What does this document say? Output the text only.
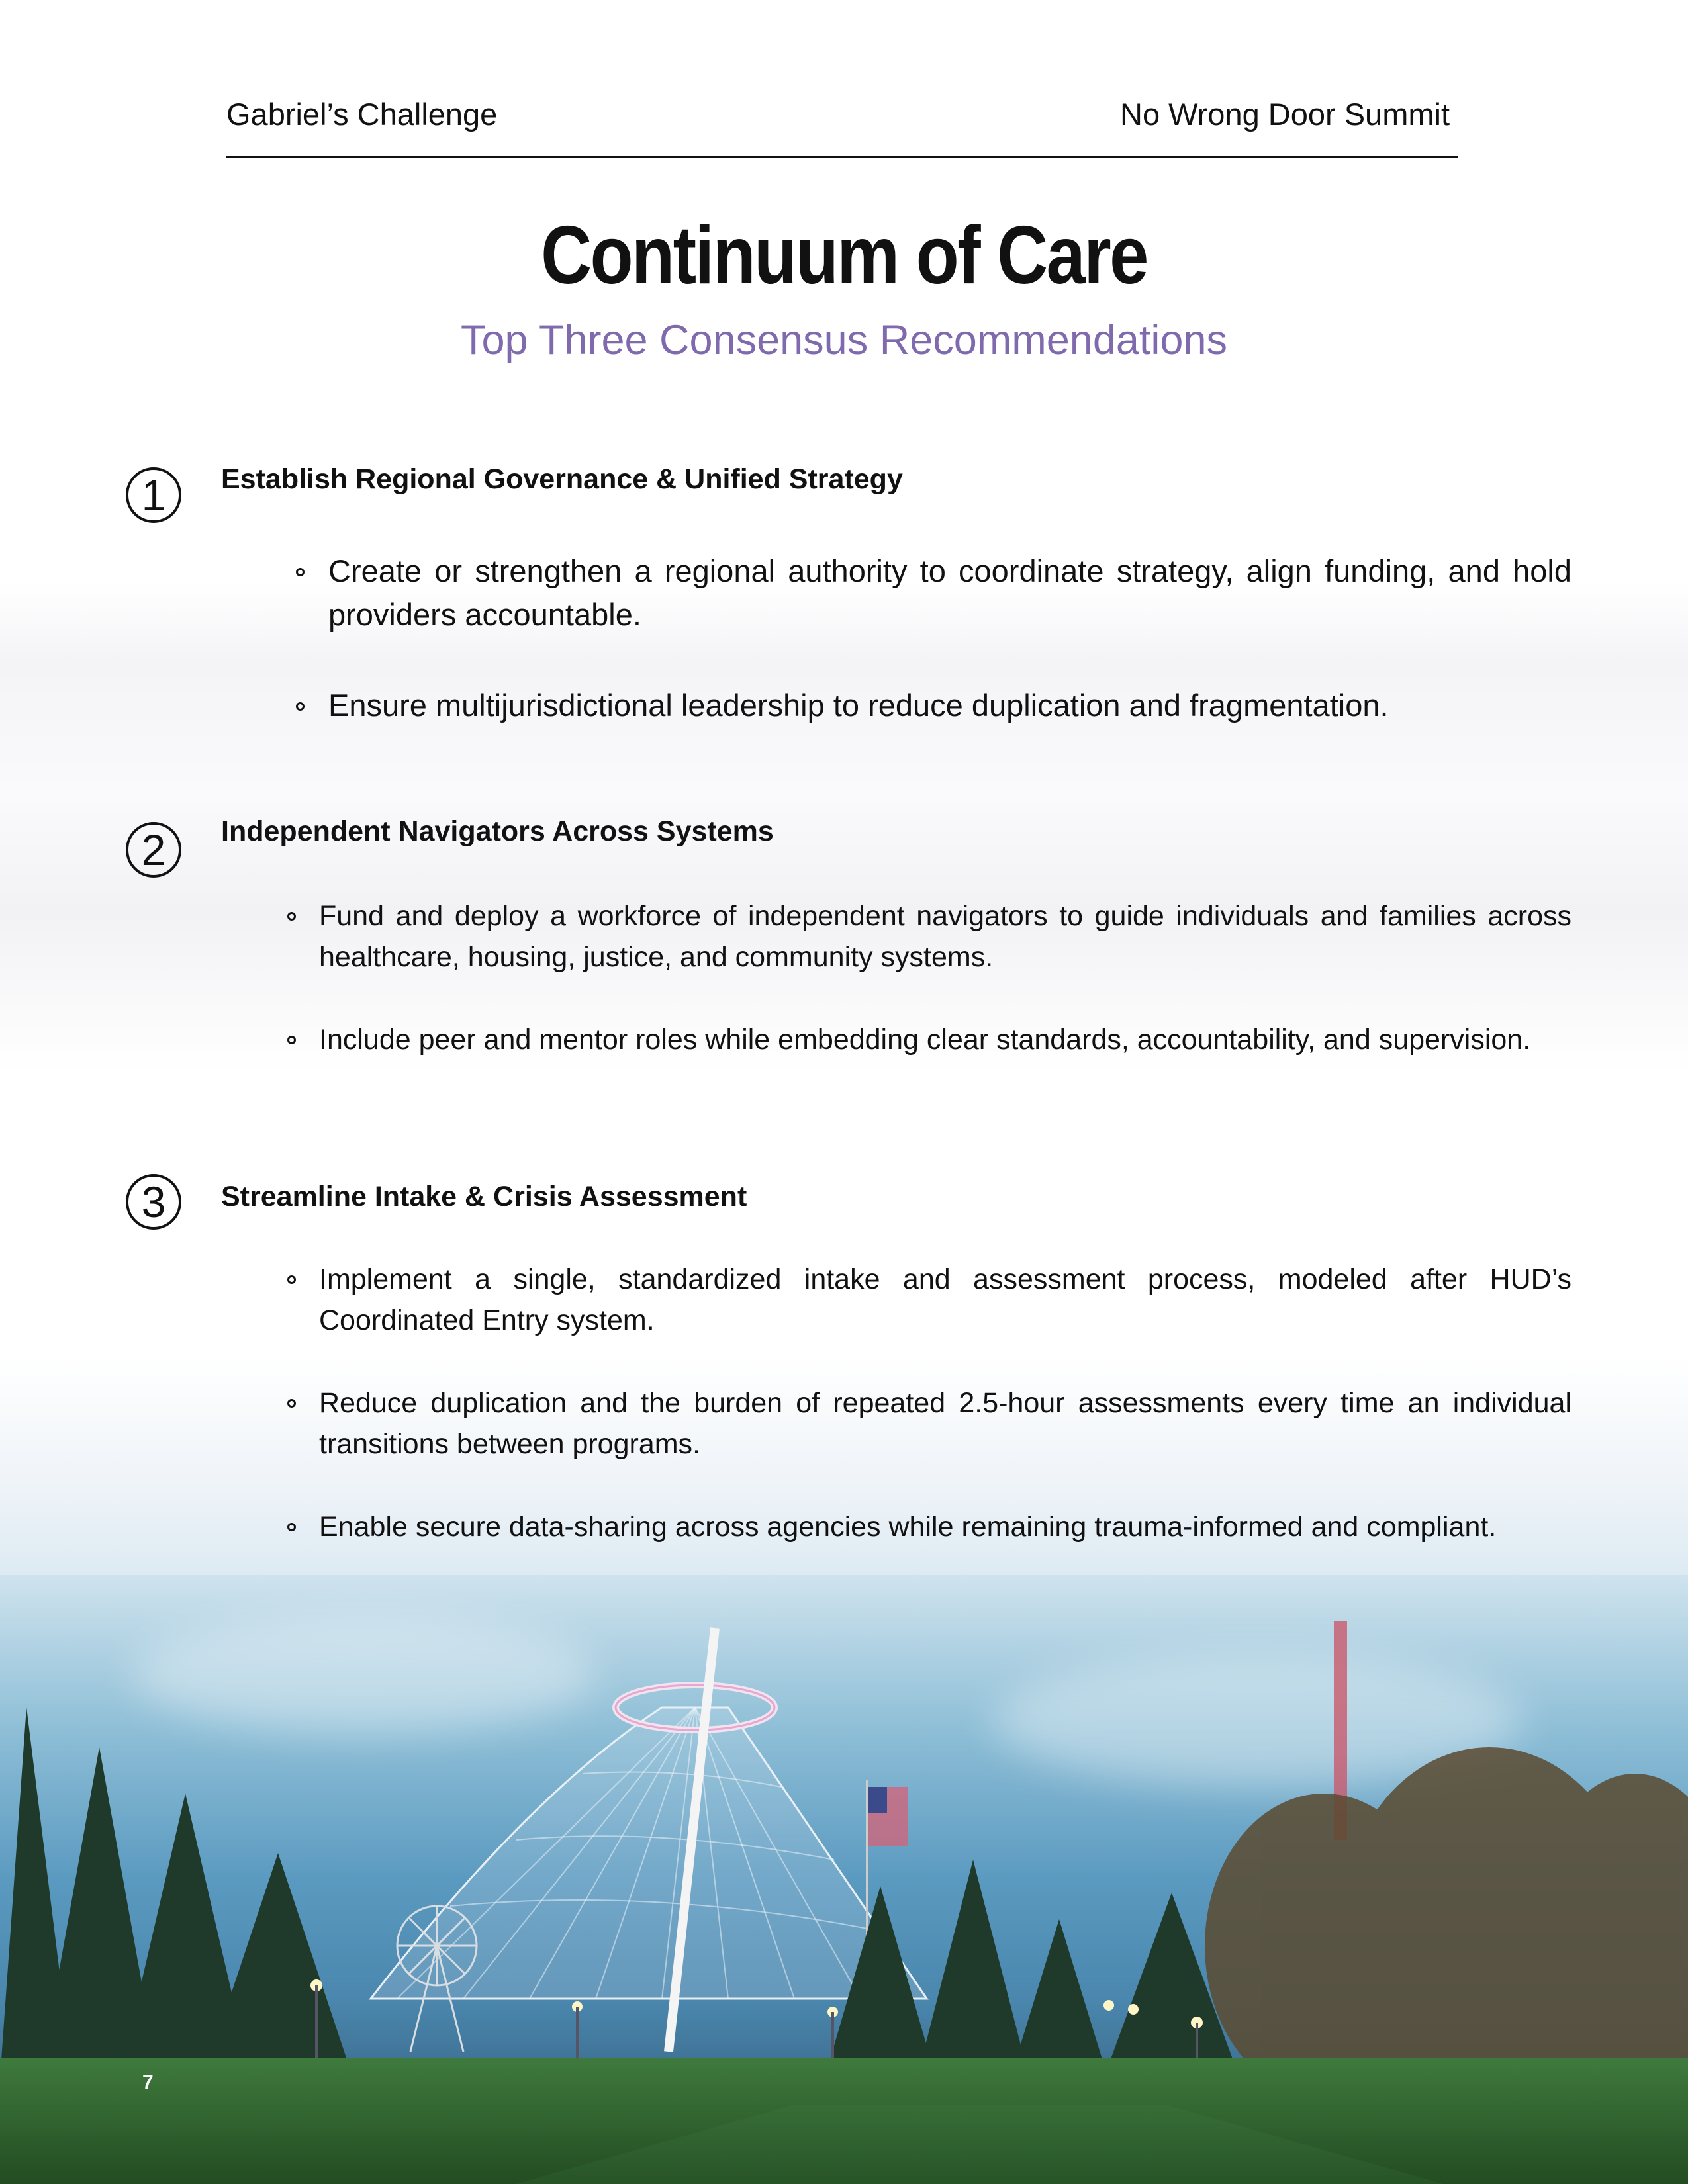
Gabriel’s Challenge	No Wrong Door Summit
Continuum of Care
Top Three Consensus Recommendations
1 Establish Regional Governance & Unified Strategy
Create or strengthen a regional authority to coordinate strategy, align funding, and hold providers accountable.
Ensure multijurisdictional leadership to reduce duplication and fragmentation.
2 Independent Navigators Across Systems
Fund and deploy a workforce of independent navigators to guide individuals and families across healthcare, housing, justice, and community systems.
Include peer and mentor roles while embedding clear standards, accountability, and supervision.
3 Streamline Intake & Crisis Assessment
Implement a single, standardized intake and assessment process, modeled after HUD’s Coordinated Entry system.
Reduce duplication and the burden of repeated 2.5-hour assessments every time an individual transitions between programs.
Enable secure data-sharing across agencies while remaining trauma-informed and compliant.
7
